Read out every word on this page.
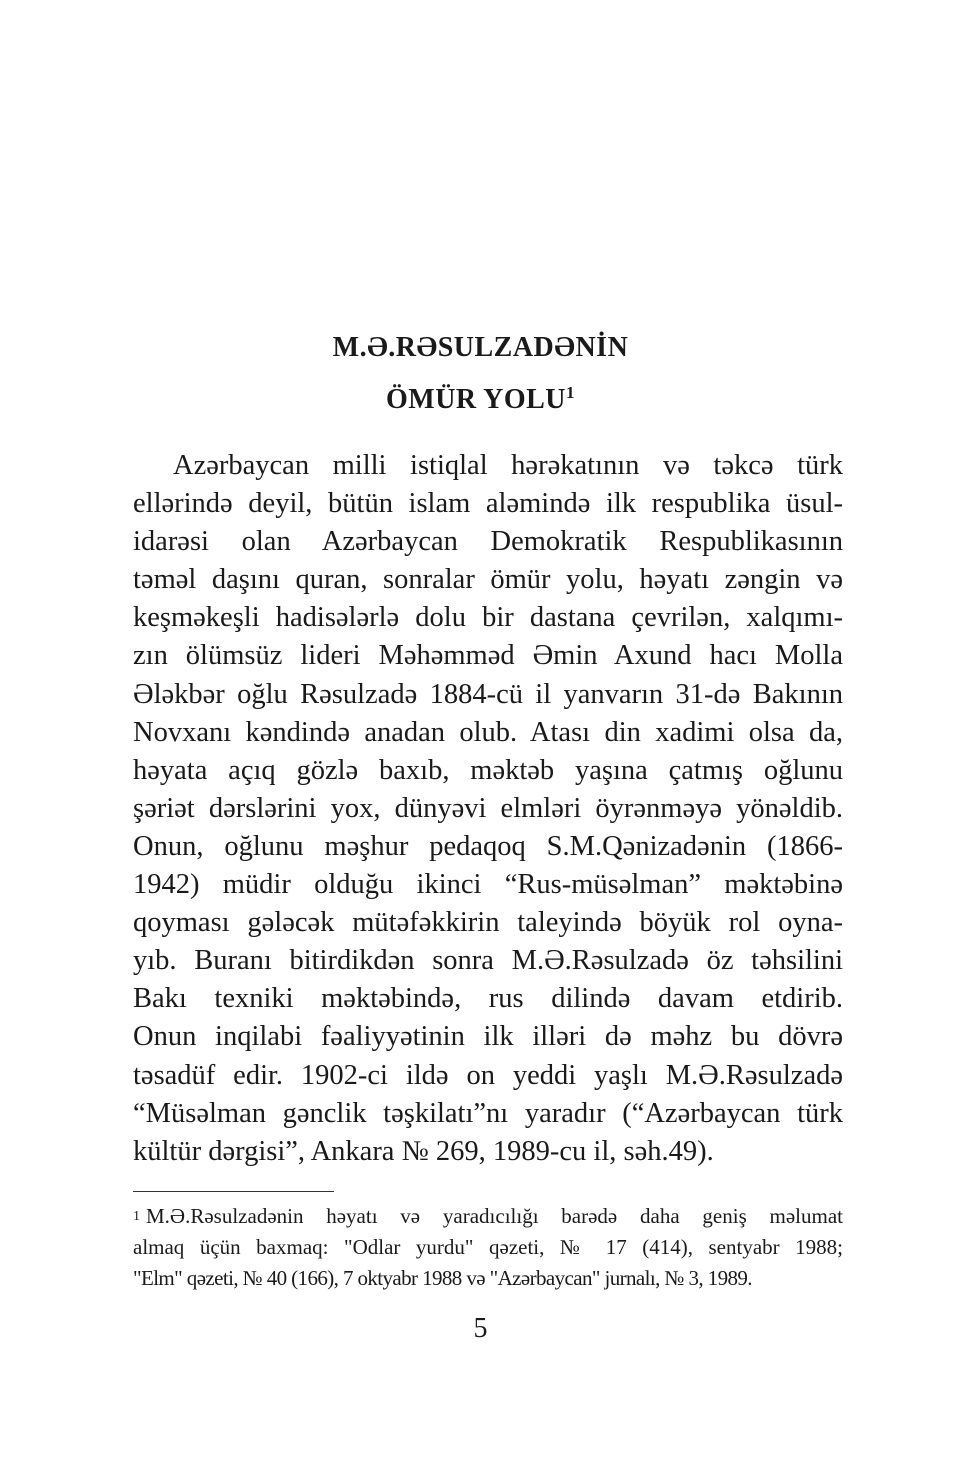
M.Ə.RƏSULZADƏNİN
ÖMÜR YOLU$^1$
Azərbaycan milli istiqlal hərəkatının və təkcə türk
ellərində deyil, bütün islam aləmində ilk respublika üsul-
idarəsi olan Azərbaycan Demokratik Respublikasının
təməl daşını quran, sonralar ömür yolu, həyatı zəngin və
keşməkeşli hadisələrlə dolu bir dastana çevrilən, xalqımı-
zın ölümsüz lideri Məhəmməd Əmin Axund hacı Molla
Ələkbər oğlu Rəsulzadə 1884-cü il yanvarın 31-də Bakının
Novxanı kəndində anadan olub. Atası din xadimi olsa da,
həyata açıq gözlə baxıb, məktəb yaşına çatmış oğlunu
şəriət dərslərini yox, dünyəvi elmləri öyrənməyə yönəldib.
Onun, oğlunu məşhur pedaqoq S.M.Qənizadənin (1866-
1942) müdir olduğu ikinci “Rus-müsəlman” məktəbinə
qoyması gələcək mütəfəkkirin taleyində böyük rol oyna-
yıb. Buranı bitirdikdən sonra M.Ə.Rəsulzadə öz təhsilini
Bakı texniki məktəbində, rus dilində davam etdirib.
Onun inqilabi fəaliyyətinin ilk illəri də məhz bu dövrə
təsadüf edir. 1902-ci ildə on yeddi yaşlı M.Ə.Rəsulzadə
“Müsəlman gənclik təşkilatı”nı yaradır (“Azərbaycan türk
kültür dərgisi”, Ankara № 269, 1989-cu il, səh.49).
$^1$ M.Ə.Rəsulzadənin həyatı və yaradıcılığı barədə daha geniş məlumat
almaq üçün baxmaq: "Odlar yurdu" qəzeti, № 17 (414), sentyabr 1988;
"Elm" qəzeti, № 40 (166), 7 oktyabr 1988 və "Azərbaycan" jurnalı, № 3, 1989.
5
